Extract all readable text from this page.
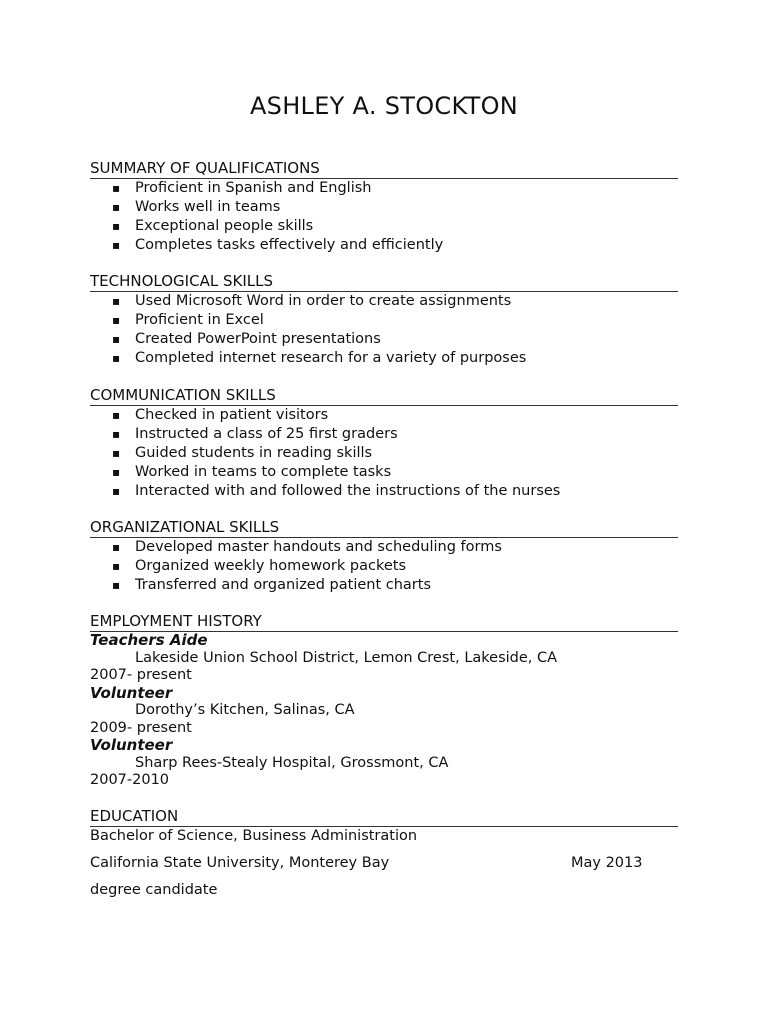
ASHLEY A. STOCKTON
SUMMARY OF QUALIFICATIONS
▪ Proficient in Spanish and English
▪ Works well in teams
▪ Exceptional people skills
▪ Completes tasks effectively and efficiently
TECHNOLOGICAL SKILLS
▪ Used Microsoft Word in order to create assignments
▪ Proficient in Excel
▪ Created PowerPoint presentations
▪ Completed internet research for a variety of purposes
COMMUNICATION SKILLS
▪ Checked in patient visitors
▪ Instructed a class of 25 first graders
▪ Guided students in reading skills
▪ Worked in teams to complete tasks
▪ Interacted with and followed the instructions of the nurses
ORGANIZATIONAL SKILLS
▪ Developed master handouts and scheduling forms
▪ Organized weekly homework packets
▪ Transferred and organized patient charts
EMPLOYMENT HISTORY
Teachers Aide
Lakeside Union School District, Lemon Crest, Lakeside, CA
2007- present
Volunteer
Dorothy’s Kitchen, Salinas, CA
2009- present
Volunteer
Sharp Rees-Stealy Hospital, Grossmont, CA
2007-2010
EDUCATION
Bachelor of Science, Business Administration
California State University, Monterey Bay	May 2013
degree candidate
